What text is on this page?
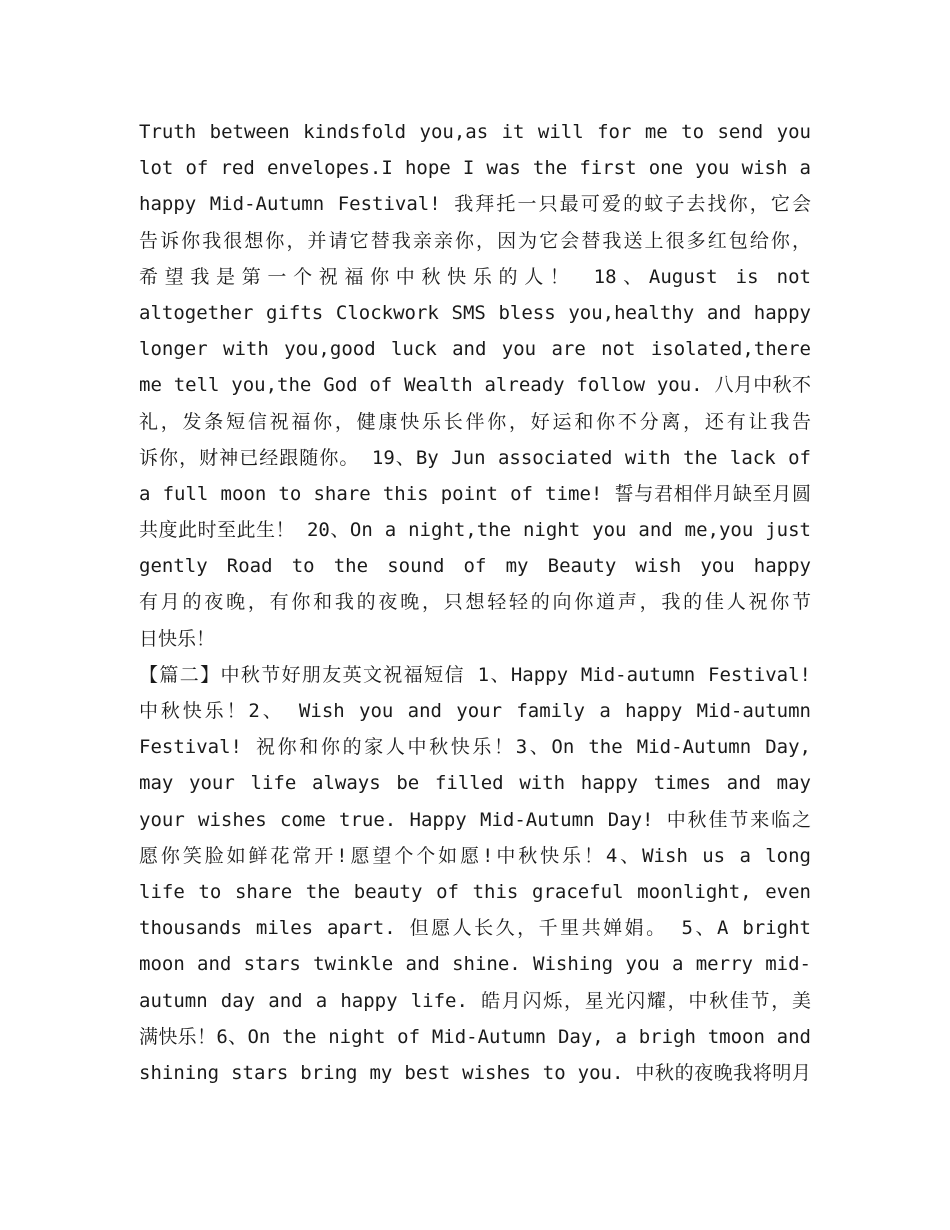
Truth between kindsfold you,as it will for me to send you
lot of red envelopes.I hope I was the first one you wish a
happy Mid-Autumn Festival! 我拜托一只最可爱的蚊子去找你，它会
告诉你我很想你，并请它替我亲亲你，因为它会替我送上很多红包给你，
希望我是第一个祝福你中秋快乐的人！ 18、August is not
altogether gifts Clockwork SMS bless you,healthy and happy
longer with you,good luck and you are not isolated,there
me tell you,the God of Wealth already follow you. 八月中秋不
礼，发条短信祝福你，健康快乐长伴你，好运和你不分离，还有让我告
诉你，财神已经跟随你。 19、By Jun associated with the lack of
a full moon to share this point of time! 誓与君相伴月缺至月圆
共度此时至此生！ 20、On a night,the night you and me,you just
gently Road to the sound of my Beauty wish you happy
有月的夜晚，有你和我的夜晚，只想轻轻的向你道声，我的佳人祝你节
日快乐！
【篇二】中秋节好朋友英文祝福短信 1、Happy Mid-autumn Festival!
中秋快乐！2、 Wish you and your family a happy Mid-autumn
Festival! 祝你和你的家人中秋快乐！3、On the Mid-Autumn Day,
may your life always be filled with happy times and may
your wishes come true. Happy Mid-Autumn Day! 中秋佳节来临之
愿你笑脸如鲜花常开!愿望个个如愿!中秋快乐！4、Wish us a long
life to share the beauty of this graceful moonlight, even
thousands miles apart. 但愿人长久，千里共婵娟。 5、A bright
moon and stars twinkle and shine. Wishing you a merry mid-
autumn day and a happy life. 皓月闪烁，星光闪耀，中秋佳节，美
满快乐！6、On the night of Mid-Autumn Day, a brigh tmoon and
shining stars bring my best wishes to you. 中秋的夜晚我将明月
